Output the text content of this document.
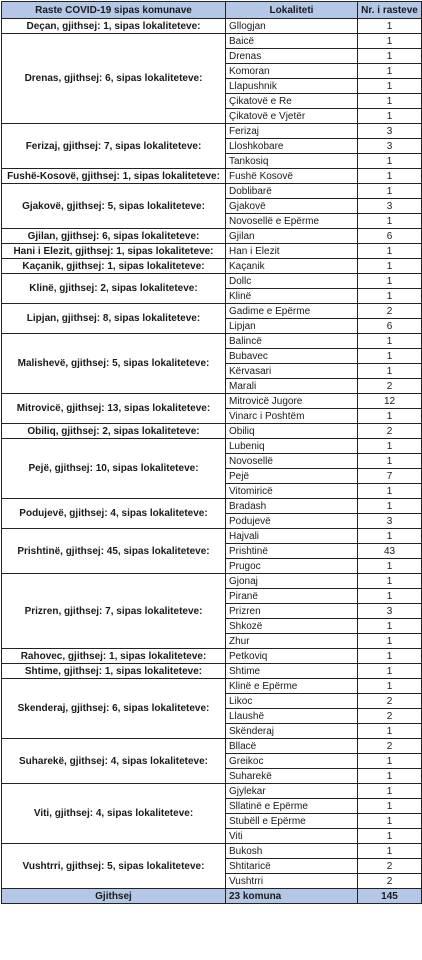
Raste COVID-19 sipas komunave	Lokaliteti	Nr. i rasteve
Deçan, gjithsej: 1, sipas lokaliteteve:	Gllogjan	1
Drenas, gjithsej: 6, sipas lokaliteteve:	Baicë	1
	Drenas	1
	Komoran	1
	Llapushnik	1
	Çikatovë e Re	1
	Çikatovë e Vjetër	1
Ferizaj, gjithsej: 7, sipas lokaliteteve:	Ferizaj	3
	Lloshkobare	3
	Tankosiq	1
Fushë-Kosovë, gjithsej: 1, sipas lokaliteteve:	Fushë Kosovë	1
Gjakovë, gjithsej: 5, sipas lokaliteteve:	Doblibarë	1
	Gjakovë	3
	Novosellë e Epërme	1
Gjilan, gjithsej: 6, sipas lokaliteteve:	Gjilan	6
Hani i Elezit, gjithsej: 1, sipas lokaliteteve:	Han i Elezit	1
Kaçanik, gjithsej: 1, sipas lokaliteteve:	Kaçanik	1
Klinë, gjithsej: 2, sipas lokaliteteve:	Dollc	1
	Klinë	1
Lipjan, gjithsej: 8, sipas lokaliteteve:	Gadime e Epërme	2
	Lipjan	6
Malishevë, gjithsej: 5, sipas lokaliteteve:	Balincë	1
	Bubavec	1
	Kërvasari	1
	Marali	2
Mitrovicë, gjithsej: 13, sipas lokaliteteve:	Mitrovicë Jugore	12
	Vinarc i Poshtëm	1
Obiliq, gjithsej: 2, sipas lokaliteteve:	Obiliq	2
Pejë, gjithsej: 10, sipas lokaliteteve:	Lubeniq	1
	Novosellë	1
	Pejë	7
	Vitomiricë	1
Podujevë, gjithsej: 4, sipas lokaliteteve:	Bradash	1
	Podujevë	3
Prishtinë, gjithsej: 45, sipas lokaliteteve:	Hajvali	1
	Prishtinë	43
	Prugoc	1
Prizren, gjithsej: 7, sipas lokaliteteve:	Gjonaj	1
	Piranë	1
	Prizren	3
	Shkozë	1
	Zhur	1
Rahovec, gjithsej: 1, sipas lokaliteteve:	Petkoviq	1
Shtime, gjithsej: 1, sipas lokaliteteve:	Shtime	1
Skenderaj, gjithsej: 6, sipas lokaliteteve:	Klinë e Epërme	1
	Likoc	2
	Llaushë	2
	Skënderaj	1
Suharekë, gjithsej: 4, sipas lokaliteteve:	Bllacë	2
	Greikoc	1
	Suharekë	1
Viti, gjithsej: 4, sipas lokaliteteve:	Gjylekar	1
	Sllatinë e Epërme	1
	Stubëll e Epërme	1
	Viti	1
Vushtrri, gjithsej: 5, sipas lokaliteteve:	Bukosh	1
	Shtitaricë	2
	Vushtrri	2
Gjithsej	23 komuna	145
